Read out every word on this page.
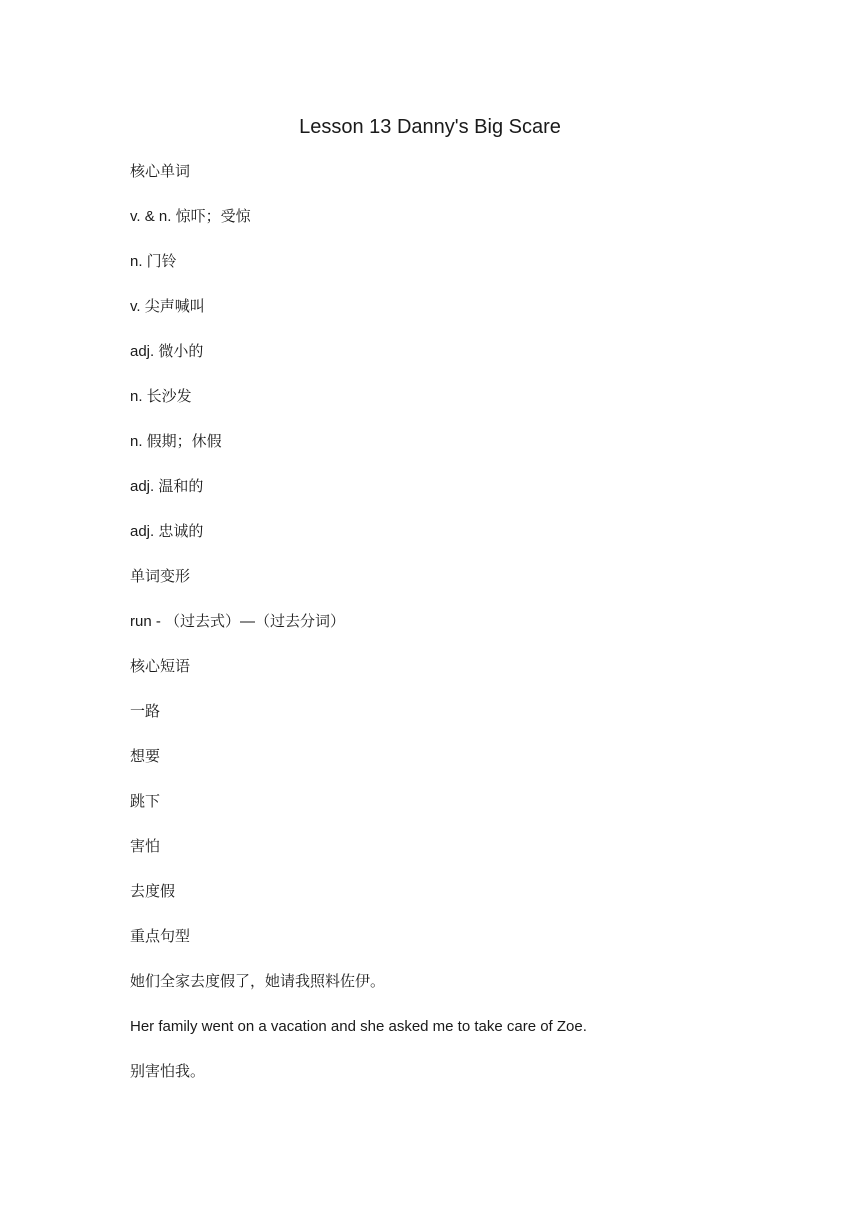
Lesson 13 Danny's Big Scare
核心单词
v. & n. 惊吓；受惊
n. 门铃
v. 尖声喊叫
adj. 微小的
n. 长沙发
n. 假期；休假
adj. 温和的
adj. 忠诚的
单词变形
run - （过去式）—（过去分词）
核心短语
一路
想要
跳下
害怕
去度假
重点句型
她们全家去度假了，她请我照料佐伊。
Her family went on a vacation and she asked me to take care of Zoe.
别害怕我。
